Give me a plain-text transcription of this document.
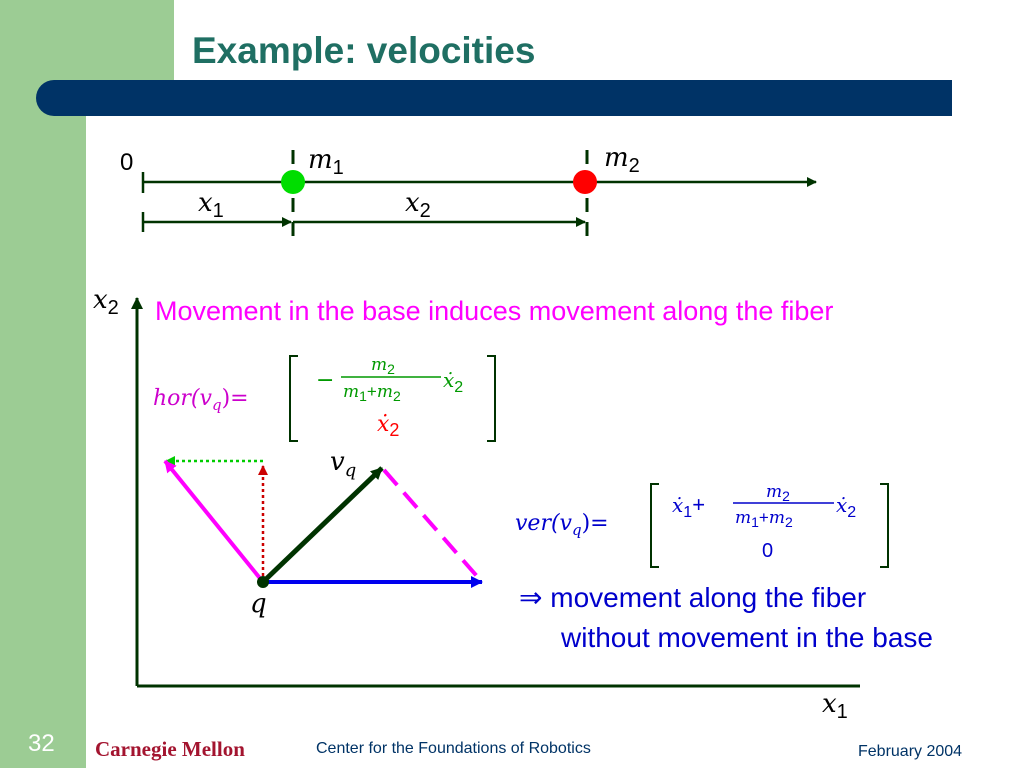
Example: velocities
0	$m_1$	$m_2$
$x_1$	$x_2$
$x_2$
$x_1$
q
$v_q$
$hor(v_q)=$
−
$m_2$
$m_1+m_2$
ẋ$_2$
ẋ$_2$
$ver(v_q)=$
ẋ$_1$+	$m_2$
$m_1+m_2$
ẋ$_2$
0
Movement in the base induces movement along the fiber
⇒ movement along the fiber
without movement in the base
32 Carnegie Mellon	Center for the Foundations of Robotics	February 2004
